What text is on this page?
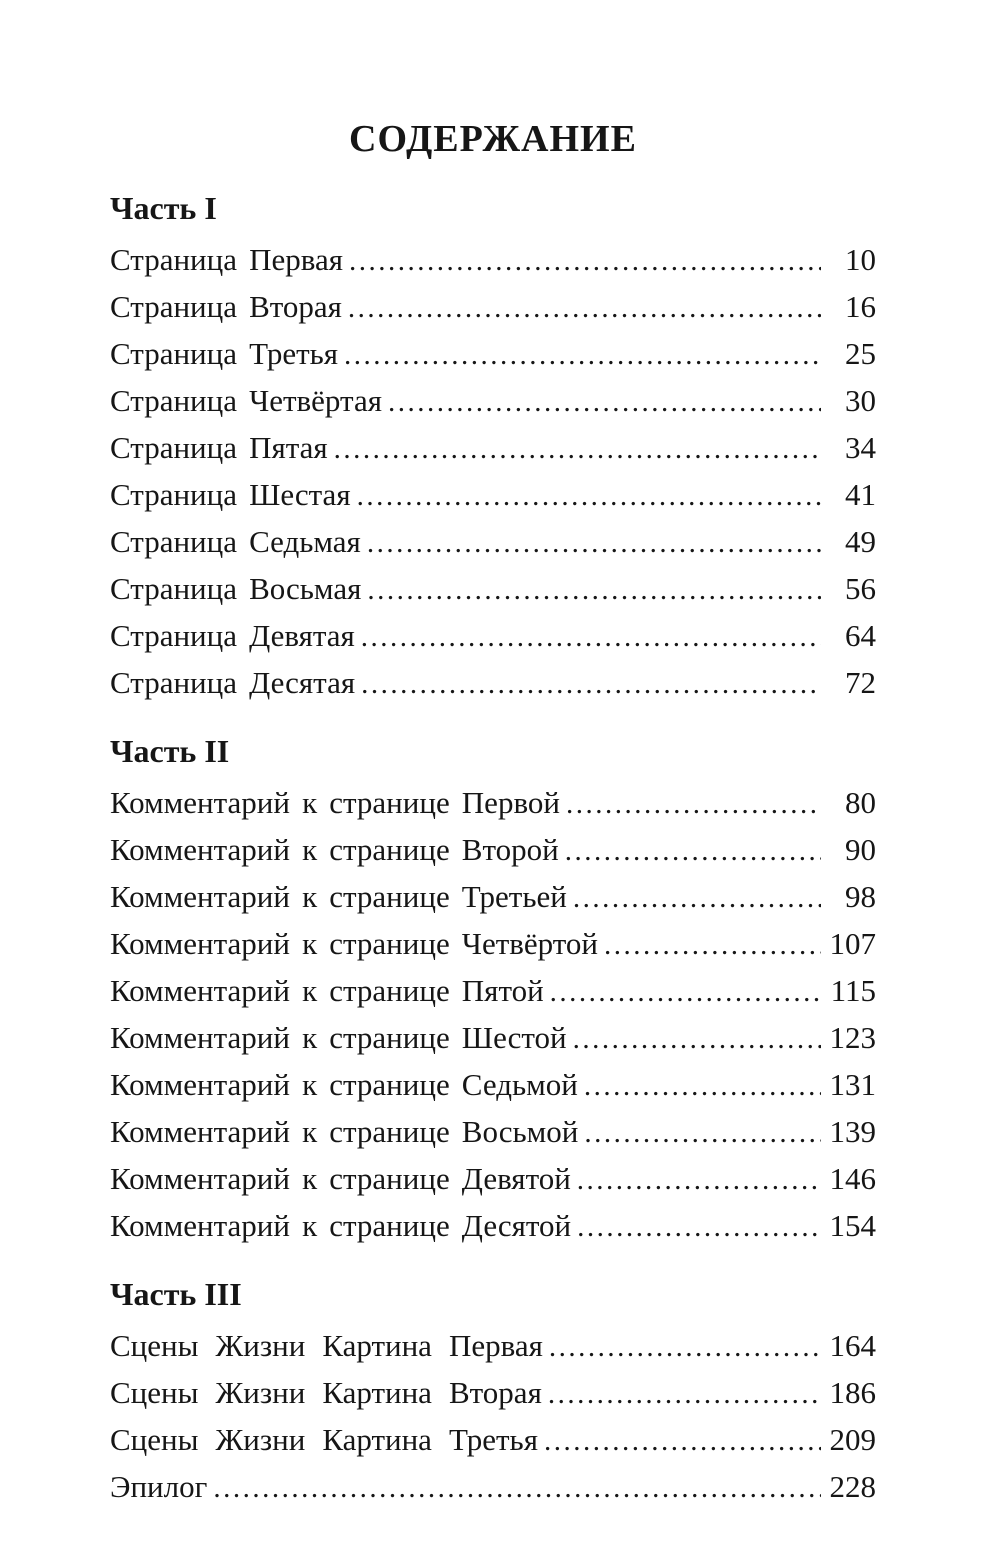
СОДЕРЖАНИЕ
Часть I
Страница Первая .....	10
Страница Вторая .....	16
Страница Третья .....	25
Страница Четвёртая .....	30
Страница Пятая .....	34
Страница Шестая .....	41
Страница Седьмая .....	49
Страница Восьмая .....	56
Страница Девятая .....	64
Страница Десятая .....	72
Часть II
Комментарий к странице Первой .....	80
Комментарий к странице Второй .....	90
Комментарий к странице Третьей .....	98
Комментарий к странице Четвёртой .....	107
Комментарий к странице Пятой .....	115
Комментарий к странице Шестой .....	123
Комментарий к странице Седьмой .....	131
Комментарий к странице Восьмой .....	139
Комментарий к странице Девятой .....	146
Комментарий к странице Десятой .....	154
Часть III
Сцены Жизни Картина Первая .....	164
Сцены Жизни Картина Вторая .....	186
Сцены Жизни Картина Третья .....	209
Эпилог .....	228
